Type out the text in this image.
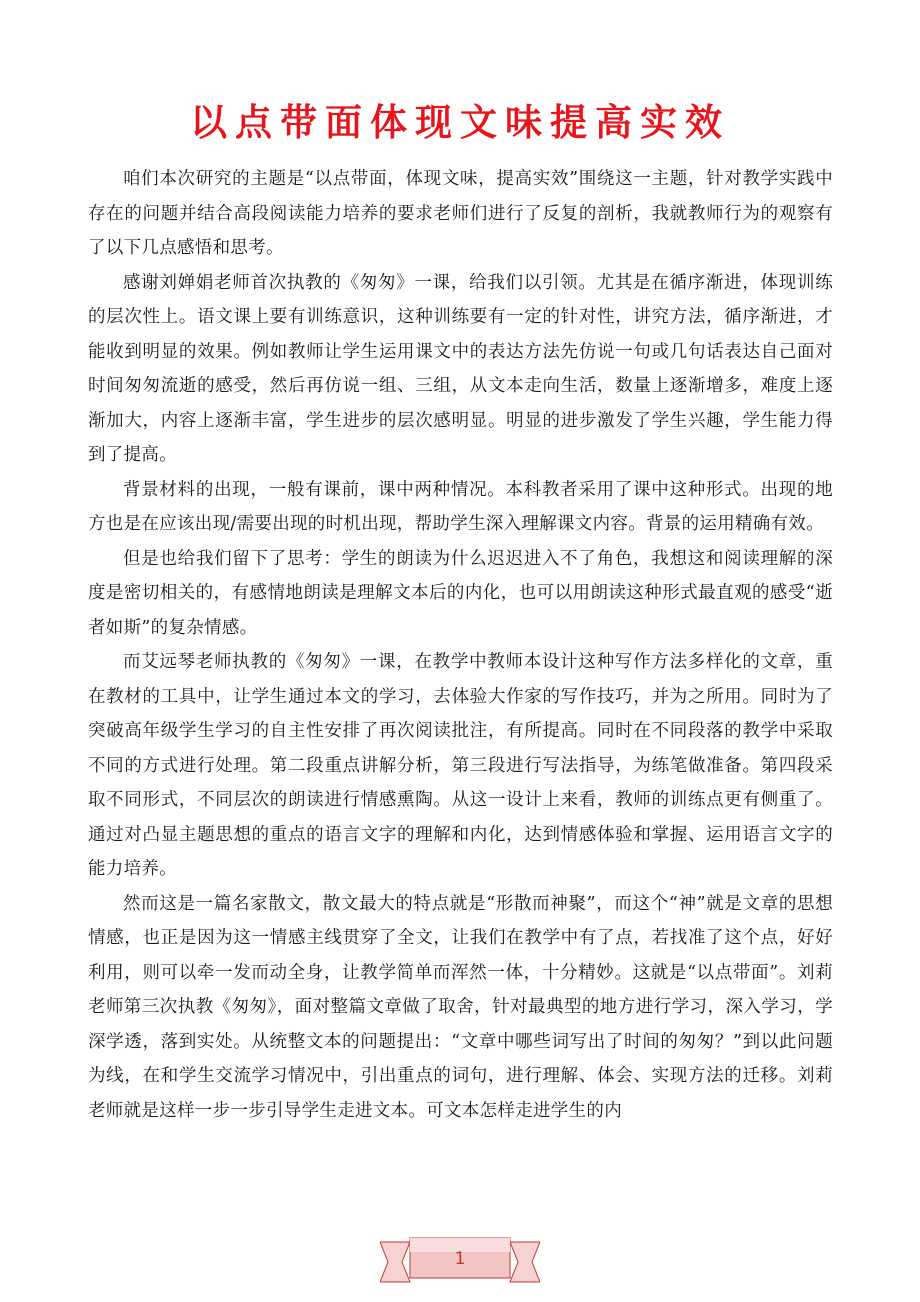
以点带面体现文味提高实效

咱们本次研究的主题是“以点带面，体现文味，提高实效”围绕这一主题，针对教学实践中存在的问题并结合高段阅读能力培养的要求老师们进行了反复的剖析，我就教师行为的观察有了以下几点感悟和思考。

感谢刘婵娟老师首次执教的《匆匆》一课，给我们以引领。尤其是在循序渐进，体现训练的层次性上。语文课上要有训练意识，这种训练要有一定的针对性，讲究方法，循序渐进，才能收到明显的效果。例如教师让学生运用课文中的表达方法先仿说一句或几句话表达自己面对时间匆匆流逝的感受，然后再仿说一组、三组，从文本走向生活，数量上逐渐增多，难度上逐渐加大，内容上逐渐丰富，学生进步的层次感明显。明显的进步激发了学生兴趣，学生能力得到了提高。

背景材料的出现，一般有课前，课中两种情况。本科教者采用了课中这种形式。出现的地方也是在应该出现/需要出现的时机出现，帮助学生深入理解课文内容。背景的运用精确有效。

但是也给我们留下了思考：学生的朗读为什么迟迟进入不了角色，我想这和阅读理解的深度是密切相关的，有感情地朗读是理解文本后的内化，也可以用朗读这种形式最直观的感受“逝者如斯”的复杂情感。

而艾远琴老师执教的《匆匆》一课，在教学中教师本设计这种写作方法多样化的文章，重在教材的工具中，让学生通过本文的学习，去体验大作家的写作技巧，并为之所用。同时为了突破高年级学生学习的自主性安排了再次阅读批注，有所提高。同时在不同段落的教学中采取不同的方式进行处理。第二段重点讲解分析，第三段进行写法指导，为练笔做准备。第四段采取不同形式，不同层次的朗读进行情感熏陶。从这一设计上来看，教师的训练点更有侧重了。通过对凸显主题思想的重点的语言文字的理解和内化，达到情感体验和掌握、运用语言文字的能力培养。

然而这是一篇名家散文，散文最大的特点就是“形散而神聚”，而这个“神”就是文章的思想情感，也正是因为这一情感主线贯穿了全文，让我们在教学中有了点，若找准了这个点，好好利用，则可以牵一发而动全身，让教学简单而浑然一体，十分精妙。这就是“以点带面”。刘莉老师第三次执教《匆匆》，面对整篇文章做了取舍，针对最典型的地方进行学习，深入学习，学深学透，落到实处。从统整文本的问题提出：“文章中哪些词写出了时间的匆匆？”到以此问题为线，在和学生交流学习情况中，引出重点的词句，进行理解、体会、实现方法的迁移。刘莉老师就是这样一步一步引导学生走进文本。可文本怎样走进学生的内

1
